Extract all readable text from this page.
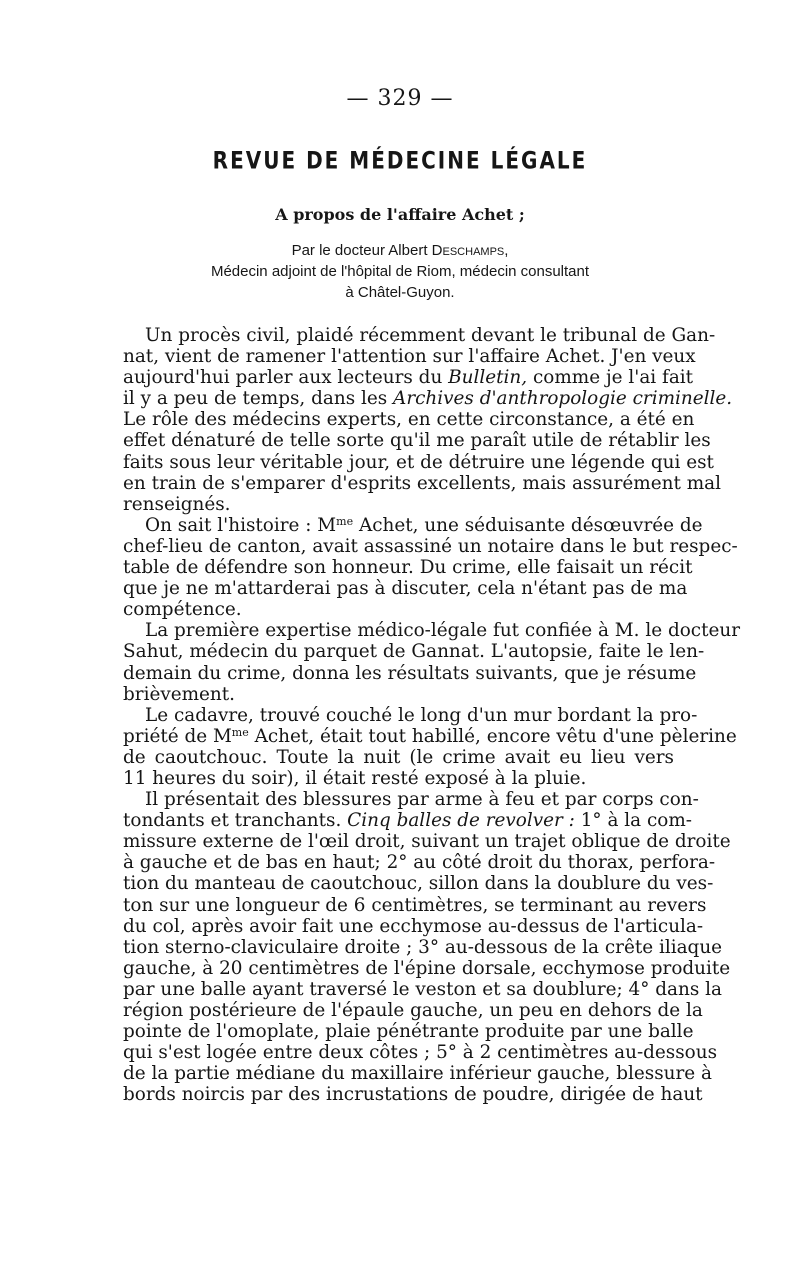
— 329 —
REVUE DE MÉDECINE LÉGALE
A propos de l'affaire Achet ;
Par le docteur Albert Deschamps,
Médecin adjoint de l'hôpital de Riom, médecin consultant
à Châtel-Guyon.
Un procès civil, plaidé récemment devant le tribunal de Gan-
nat, vient de ramener l'attention sur l'affaire Achet. J'en veux
aujourd'hui parler aux lecteurs du Bulletin, comme je l'ai fait
il y a peu de temps, dans les Archives d'anthropologie criminelle.
Le rôle des médecins experts, en cette circonstance, a été en
effet dénaturé de telle sorte qu'il me paraît utile de rétablir les
faits sous leur véritable jour, et de détruire une légende qui est
en train de s'emparer d'esprits excellents, mais assurément mal
renseignés.
On sait l'histoire : $M^{me}$ Achet, une séduisante désœuvrée de
chef-lieu de canton, avait assassiné un notaire dans le but respec-
table de défendre son honneur. Du crime, elle faisait un récit
que je ne m'attarderai pas à discuter, cela n'étant pas de ma
compétence.
La première expertise médico-légale fut confiée à M. le docteur
Sahut, médecin du parquet de Gannat. L'autopsie, faite le len-
demain du crime, donna les résultats suivants, que je résume
brièvement.
Le cadavre, trouvé couché le long d'un mur bordant la pro-
priété de $M^{me}$ Achet, était tout habillé, encore vêtu d'une pèlerine
de caoutchouc. Toute la nuit (le crime avait eu lieu vers
11 heures du soir), il était resté exposé à la pluie.
Il présentait des blessures par arme à feu et par corps con-
tondants et tranchants. Cinq balles de revolver : 1° à la com-
missure externe de l'œil droit, suivant un trajet oblique de droite
à gauche et de bas en haut; 2° au côté droit du thorax, perfora-
tion du manteau de caoutchouc, sillon dans la doublure du ves-
ton sur une longueur de 6 centimètres, se terminant au revers
du col, après avoir fait une ecchymose au-dessus de l'articula-
tion sterno-claviculaire droite ; 3° au-dessous de la crête iliaque
gauche, à 20 centimètres de l'épine dorsale, ecchymose produite
par une balle ayant traversé le veston et sa doublure; 4° dans la
région postérieure de l'épaule gauche, un peu en dehors de la
pointe de l'omoplate, plaie pénétrante produite par une balle
qui s'est logée entre deux côtes ; 5° à 2 centimètres au-dessous
de la partie médiane du maxillaire inférieur gauche, blessure à
bords noircis par des incrustations de poudre, dirigée de haut
